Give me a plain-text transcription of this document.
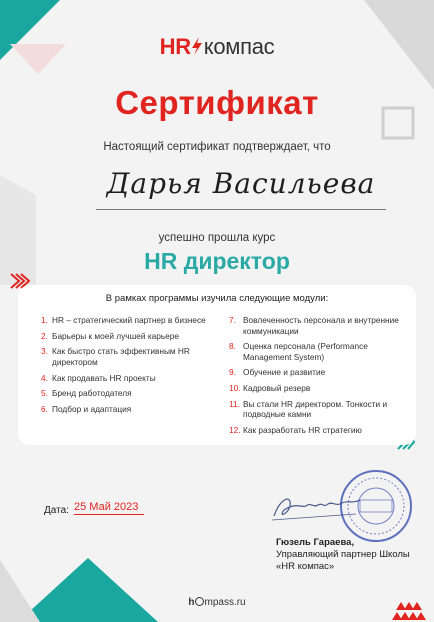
HR компас
Сертификат
Настоящий сертификат подтверждает, что
Дарья Васильева
успешно прошла курс
HR директор
В рамках программы изучила следующие модули:
1. HR – стратегический партнер в бизнесе
2. Барьеры к моей лучшей карьере
3. Как быстро стать эффективным HR директором
4. Как продавать HR проекты
5. Бренд работодателя
6. Подбор и адаптация
7. Вовлеченность персонала и внутренние коммуникации
8. Оценка персонала (Performance Management System)
9. Обучение и развитие
10. Кадровый резерв
11. Вы стали HR директором. Тонкости и подводные камни
12. Как разработать HR стратегию
Дата: 25 Май 2023
Гюзель Гараева,
Управляющий партнер Школы «HR компас»
h mpass.ru
